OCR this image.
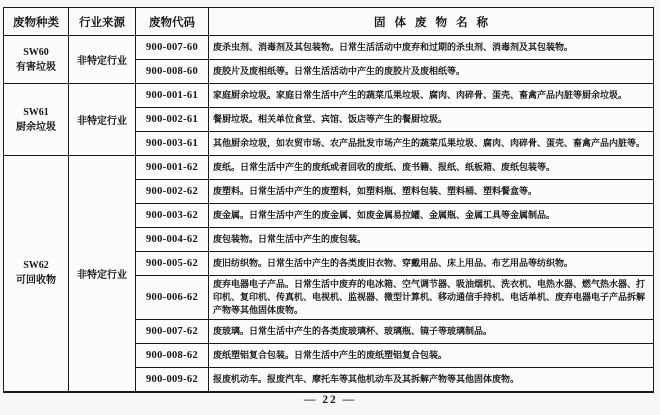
废物种类	行业来源	废物代码	固体废物名称

SW60
有害垃圾	非特定行业	900-007-60	废杀虫剂、消毒剂及其包装物。日常生活活动中废弃和过期的杀虫剂、消毒剂及其包装物。
		900-008-60	废胶片及废相纸等。日常生活活动中产生的废胶片及废相纸等。

SW61
厨余垃圾	非特定行业	900-001-61	家庭厨余垃圾。家庭日常生活中产生的蔬菜瓜果垃圾、腐肉、肉碎骨、蛋壳、畜禽产品内脏等厨余垃圾。
		900-002-61	餐厨垃圾。相关单位食堂、宾馆、饭店等产生的餐厨垃圾。
		900-003-61	其他厨余垃圾，如农贸市场、农产品批发市场产生的蔬菜瓜果垃圾、腐肉、肉碎骨、蛋壳、畜禽产品内脏等。

SW62
可回收物	非特定行业	900-001-62	废纸。日常生活中产生的废纸或者回收的废纸、废书籍、报纸、纸板箱、废纸包装等。
		900-002-62	废塑料。日常生活中产生的废塑料，如塑料瓶、塑料包装、塑料桶、塑料餐盒等。
		900-003-62	废金属。日常生活中产生的废金属、如废金属易拉罐、金属瓶、金属工具等金属制品。
		900-004-62	废包装物。日常生活中产生的废包装。
		900-005-62	废旧纺织物。日常生活中产生的各类废旧衣物、穿戴用品、床上用品、布艺用品等纺织物。
		900-006-62	废弃电器电子产品。日常生活中废弃的电冰箱、空气调节器、吸油烟机、洗衣机、电热水器、燃气热水器、打印机、复印机、传真机、电视机、监视器、微型计算机、移动通信手持机、电话单机、废弃电器电子产品拆解产物等其他固体废物。
		900-007-62	废玻璃。日常生活中产生的各类废玻璃杯、玻璃瓶、镜子等玻璃制品。
		900-008-62	废纸塑铝复合包装。日常生活中产生的废纸塑铝复合包装。
		900-009-62	报废机动车。报废汽车、摩托车等其他机动车及其拆解产物等其他固体废物。
— 22 —
